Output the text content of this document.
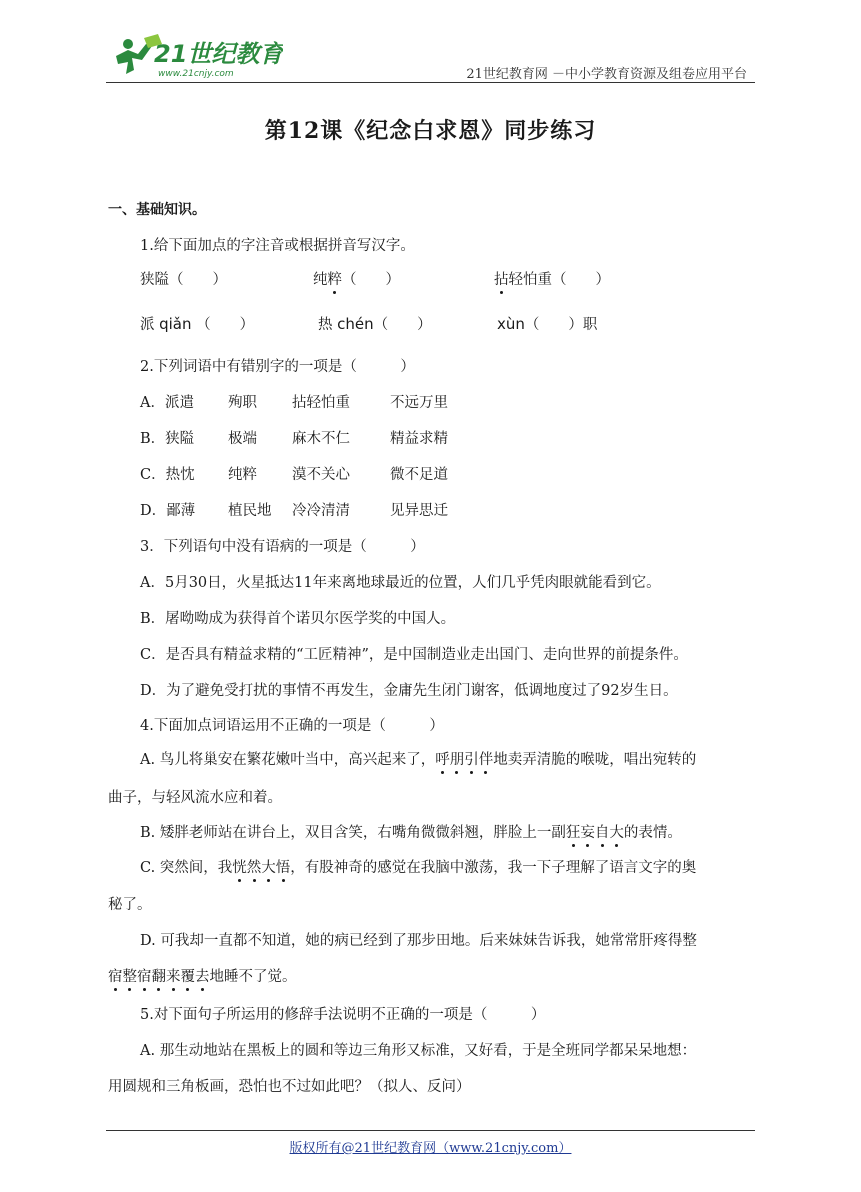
21世纪教育
www.21cnjy.com	21世纪教育网 －中小学教育资源及组卷应用平台
第12课《纪念白求恩》同步练习
一、基础知识。
1.给下面加点的字注音或根据拼音写汉字。
狭隘（　　）	纯粹（　　）	拈轻怕重（　　）
派 qiǎn （　　）	热 chén（　　）	xùn（　　）职
2.下列词语中有错别字的一项是（　　　）
A．派遣 殉职 拈轻怕重	不远万里
B．狭隘 极端 麻木不仁	精益求精
C．热忱 纯粹 漠不关心	微不足道
D．鄙薄 植民地 冷冷清清	见异思迁
3．下列语句中没有语病的一项是（　　　）
A．5月30日，火星抵达11年来离地球最近的位置，人们几乎凭肉眼就能看到它。
B．屠呦呦成为获得首个诺贝尔医学奖的中国人。
C．是否具有精益求精的“工匠精神”，是中国制造业走出国门、走向世界的前提条件。
D．为了避免受打扰的事情不再发生，金庸先生闭门谢客，低调地度过了92岁生日。
4.下面加点词语运用不正确的一项是（　　　）
A. 鸟儿将巢安在繁花嫩叶当中，高兴起来了，呼朋引伴地卖弄清脆的喉咙，唱出宛转的
曲子，与轻风流水应和着。
B. 矮胖老师站在讲台上，双目含笑，右嘴角微微斜翘，胖脸上一副狂妄自大的表情。
C. 突然间，我恍然大悟，有股神奇的感觉在我脑中激荡，我一下子理解了语言文字的奥
秘了。
D. 可我却一直都不知道，她的病已经到了那步田地。后来妹妹告诉我，她常常肝疼得整
宿整宿翻来覆去地睡不了觉。
5.对下面句子所运用的修辞手法说明不正确的一项是（　　　）
A. 那生动地站在黑板上的圆和等边三角形又标准，又好看，于是全班同学都呆呆地想：
用圆规和三角板画，恐怕也不过如此吧？（拟人、反问）
版权所有@21世纪教育网（www.21cnjy.com）
